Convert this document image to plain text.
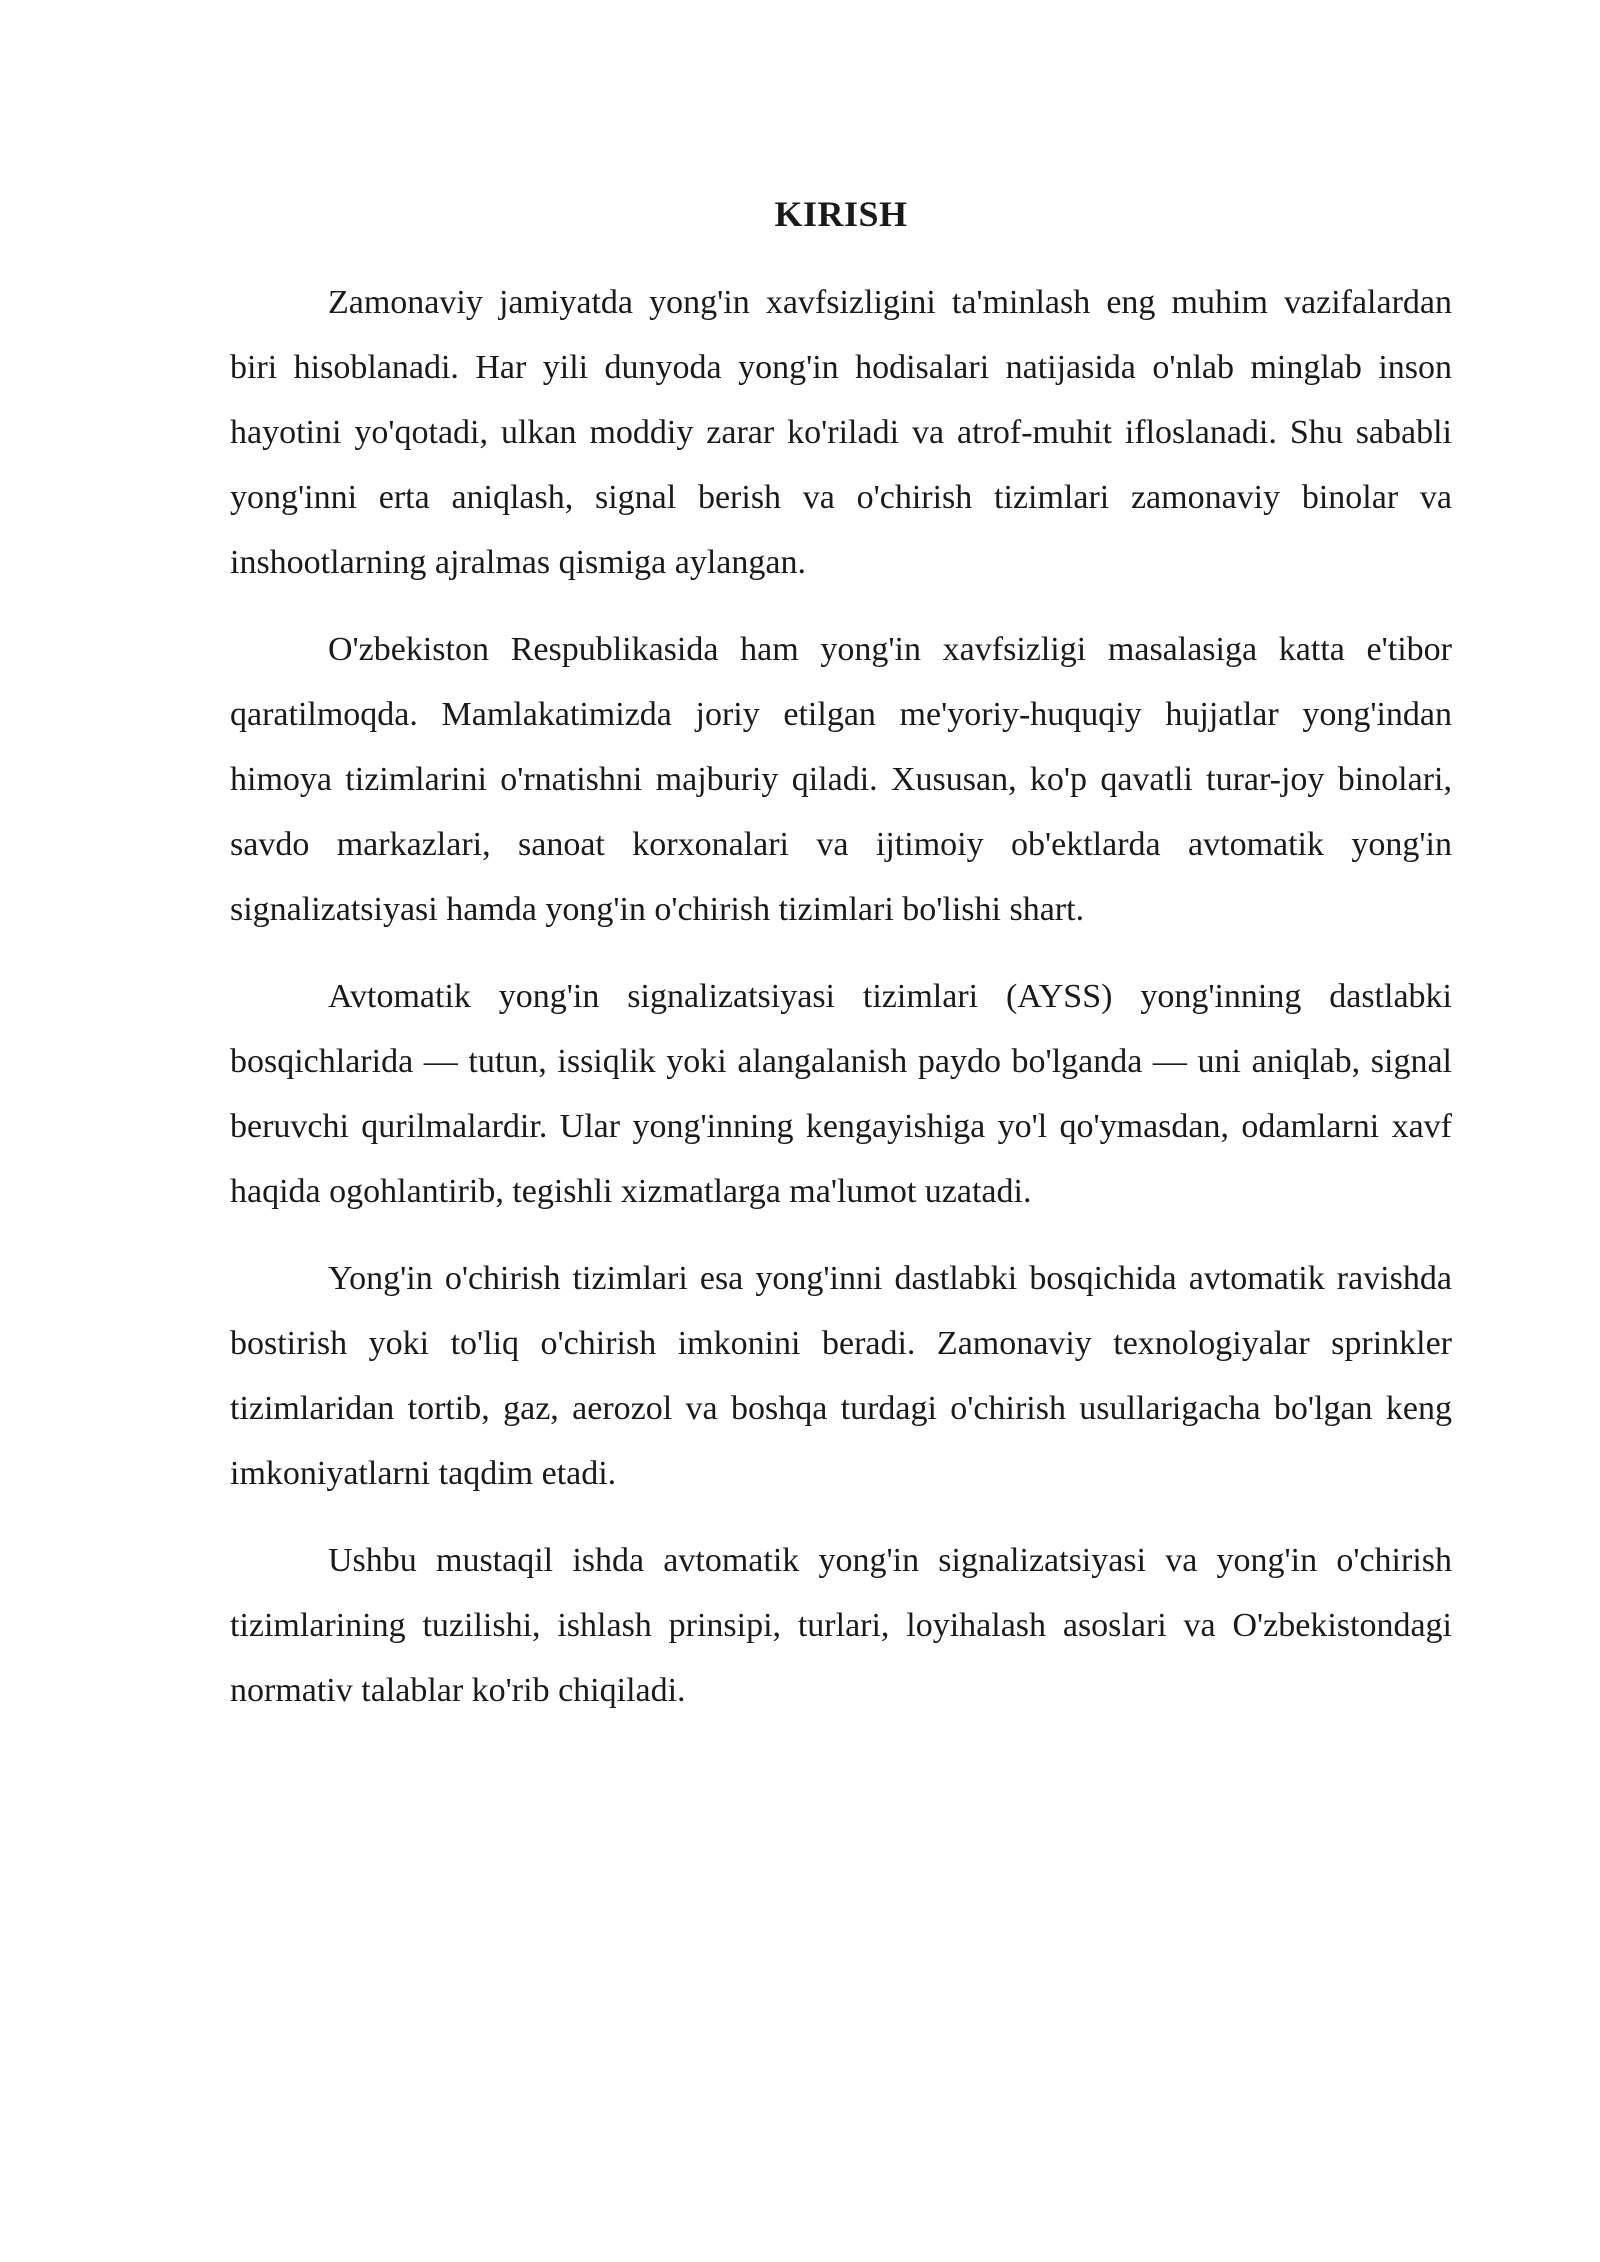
KIRISH

Zamonaviy jamiyatda yong'in xavfsizligini ta'minlash eng muhim vazifalardan biri hisoblanadi. Har yili dunyoda yong'in hodisalari natijasida o'nlab minglab inson hayotini yo'qotadi, ulkan moddiy zarar ko'riladi va atrof-muhit ifloslanadi. Shu sababli yong'inni erta aniqlash, signal berish va o'chirish tizimlari zamonaviy binolar va inshootlarning ajralmas qismiga aylangan.

O'zbekiston Respublikasida ham yong'in xavfsizligi masalasiga katta e'tibor qaratilmoqda. Mamlakatimizda joriy etilgan me'yoriy-huquqiy hujjatlar yong'indan himoya tizimlarini o'rnatishni majburiy qiladi. Xususan, ko'p qavatli turar-joy binolari, savdo markazlari, sanoat korxonalari va ijtimoiy ob'ektlarda avtomatik yong'in signalizatsiyasi hamda yong'in o'chirish tizimlari bo'lishi shart.

Avtomatik yong'in signalizatsiyasi tizimlari (AYSS) yong'inning dastlabki bosqichlarida — tutun, issiqlik yoki alangalanish paydo bo'lganda — uni aniqlab, signal beruvchi qurilmalardir. Ular yong'inning kengayishiga yo'l qo'ymasdan, odamlarni xavf haqida ogohlantirib, tegishli xizmatlarga ma'lumot uzatadi.

Yong'in o'chirish tizimlari esa yong'inni dastlabki bosqichida avtomatik ravishda bostirish yoki to'liq o'chirish imkonini beradi. Zamonaviy texnologiyalar sprinkler tizimlaridan tortib, gaz, aerozol va boshqa turdagi o'chirish usullarigacha bo'lgan keng imkoniyatlarni taqdim etadi.

Ushbu mustaqil ishda avtomatik yong'in signalizatsiyasi va yong'in o'chirish tizimlarining tuzilishi, ishlash prinsipi, turlari, loyihalash asoslari va O'zbekistondagi normativ talablar ko'rib chiqiladi.
